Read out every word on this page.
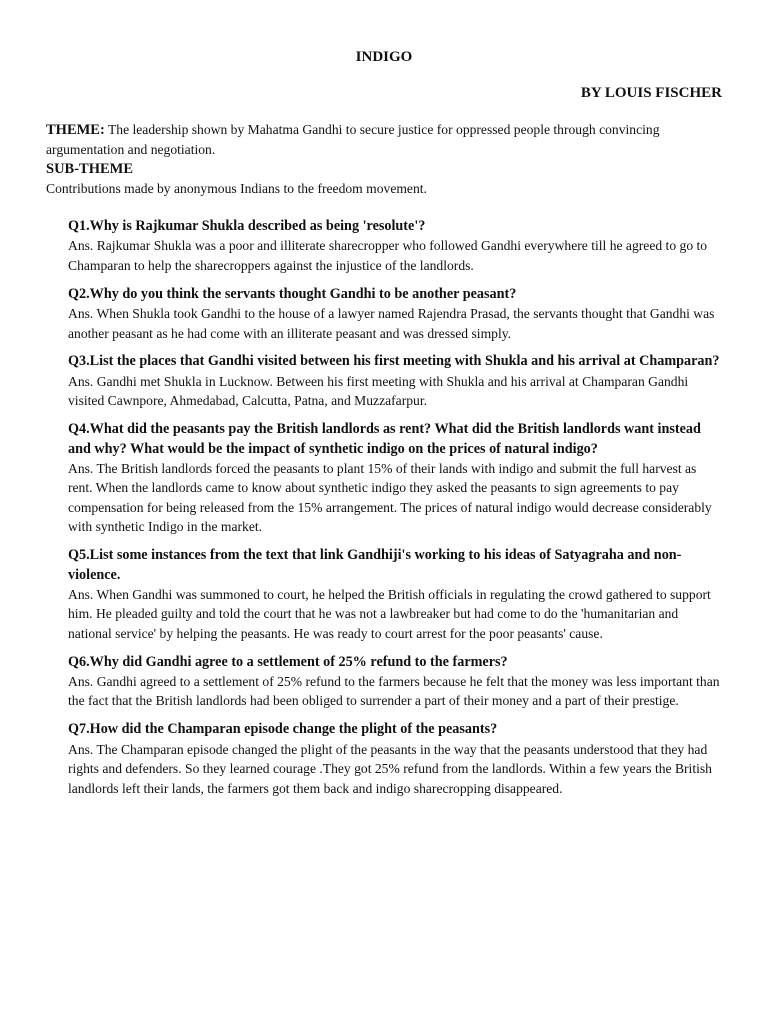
INDIGO
BY LOUIS FISCHER

THEME: The leadership shown by Mahatma Gandhi to secure justice for oppressed people through convincing argumentation and negotiation.

SUB-THEME

Contributions made by anonymous Indians to the freedom movement.

Q1.Why is Rajkumar Shukla described as being 'resolute'?

Ans. Rajkumar Shukla was a poor and illiterate sharecropper who followed Gandhi everywhere till he agreed to go to Champaran to help the sharecroppers against the injustice of the landlords.

Q2.Why do you think the servants thought Gandhi to be another peasant?

Ans. When Shukla took Gandhi to the house of a lawyer named Rajendra Prasad, the servants thought that Gandhi was another peasant as he had come with an illiterate peasant and was dressed simply.

Q3.List the places that Gandhi visited between his first meeting with Shukla and his arrival at Champaran?

Ans. Gandhi met Shukla in Lucknow. Between his first meeting with Shukla and his arrival at Champaran Gandhi visited Cawnpore, Ahmedabad, Calcutta, Patna, and Muzzafarpur.

Q4.What did the peasants pay the British landlords as rent? What did the British landlords want instead and why? What would be the impact of synthetic indigo on the prices of natural indigo?

Ans. The British landlords forced the peasants to plant 15% of their lands with indigo and submit the full harvest as rent. When the landlords came to know about synthetic indigo they asked the peasants to sign agreements to pay compensation for being released from the 15% arrangement. The prices of natural indigo would decrease considerably with synthetic Indigo in the market.

Q5.List some instances from the text that link Gandhiji's working to his ideas of Satyagraha and non-violence.

Ans. When Gandhi was summoned to court, he helped the British officials in regulating the crowd gathered to support him. He pleaded guilty and told the court that he was not a lawbreaker but had come to do the 'humanitarian and national service' by helping the peasants. He was ready to court arrest for the poor peasants' cause.

Q6.Why did Gandhi agree to a settlement of 25% refund to the farmers?

Ans. Gandhi agreed to a settlement of 25% refund to the farmers because he felt that the money was less important than the fact that the British landlords had been obliged to surrender a part of their money and a part of their prestige.

Q7.How did the Champaran episode change the plight of the peasants?

Ans. The Champaran episode changed the plight of the peasants in the way that the peasants understood that they had rights and defenders. So they learned courage .They got 25% refund from the landlords. Within a few years the British landlords left their lands, the farmers got them back and indigo sharecropping disappeared.
